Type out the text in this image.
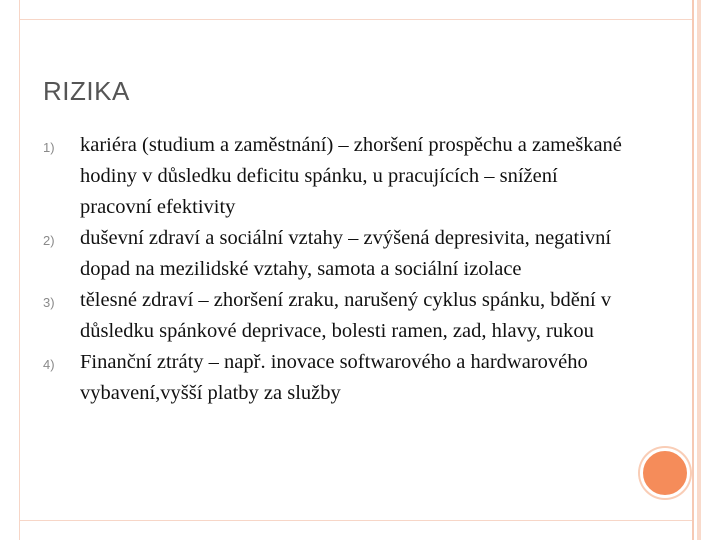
RIZIKA
1) kariéra (studium a zaměstnání) – zhoršení prospěchu a zameškané hodiny v důsledku deficitu spánku, u pracujících – snížení pracovní efektivity
2) duševní zdraví a sociální vztahy – zvýšená depresivita, negativní dopad na mezilidské vztahy, samota a sociální izolace
3) tělesné zdraví – zhoršení zraku, narušený cyklus spánku, bdění v důsledku spánkové deprivace, bolesti ramen, zad, hlavy, rukou
4) Finanční ztráty – např. inovace softwarového a hardwarového vybavení,vyšší platby za služby
